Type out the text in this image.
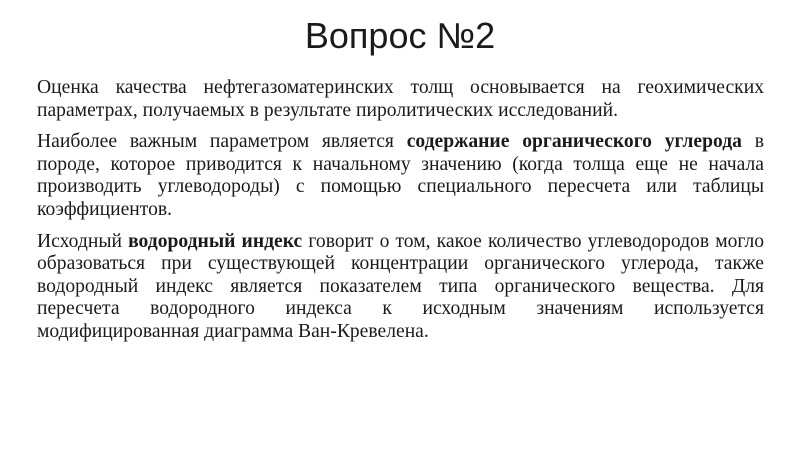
Вопрос №2

Оценка качества нефтегазоматеринских толщ основывается на геохимических параметрах, получаемых в результате пиролитических исследований.

Наиболее важным параметром является содержание органического углерода в породе, которое приводится к начальному значению (когда толща еще не начала производить углеводороды) с помощью специального пересчета или таблицы коэффициентов.

Исходный водородный индекс говорит о том, какое количество углеводородов могло образоваться при существующей концентрации органического углерода, также водородный индекс является показателем типа органического вещества. Для пересчета водородного индекса к исходным значениям используется модифицированная диаграмма Ван-Кревелена.
